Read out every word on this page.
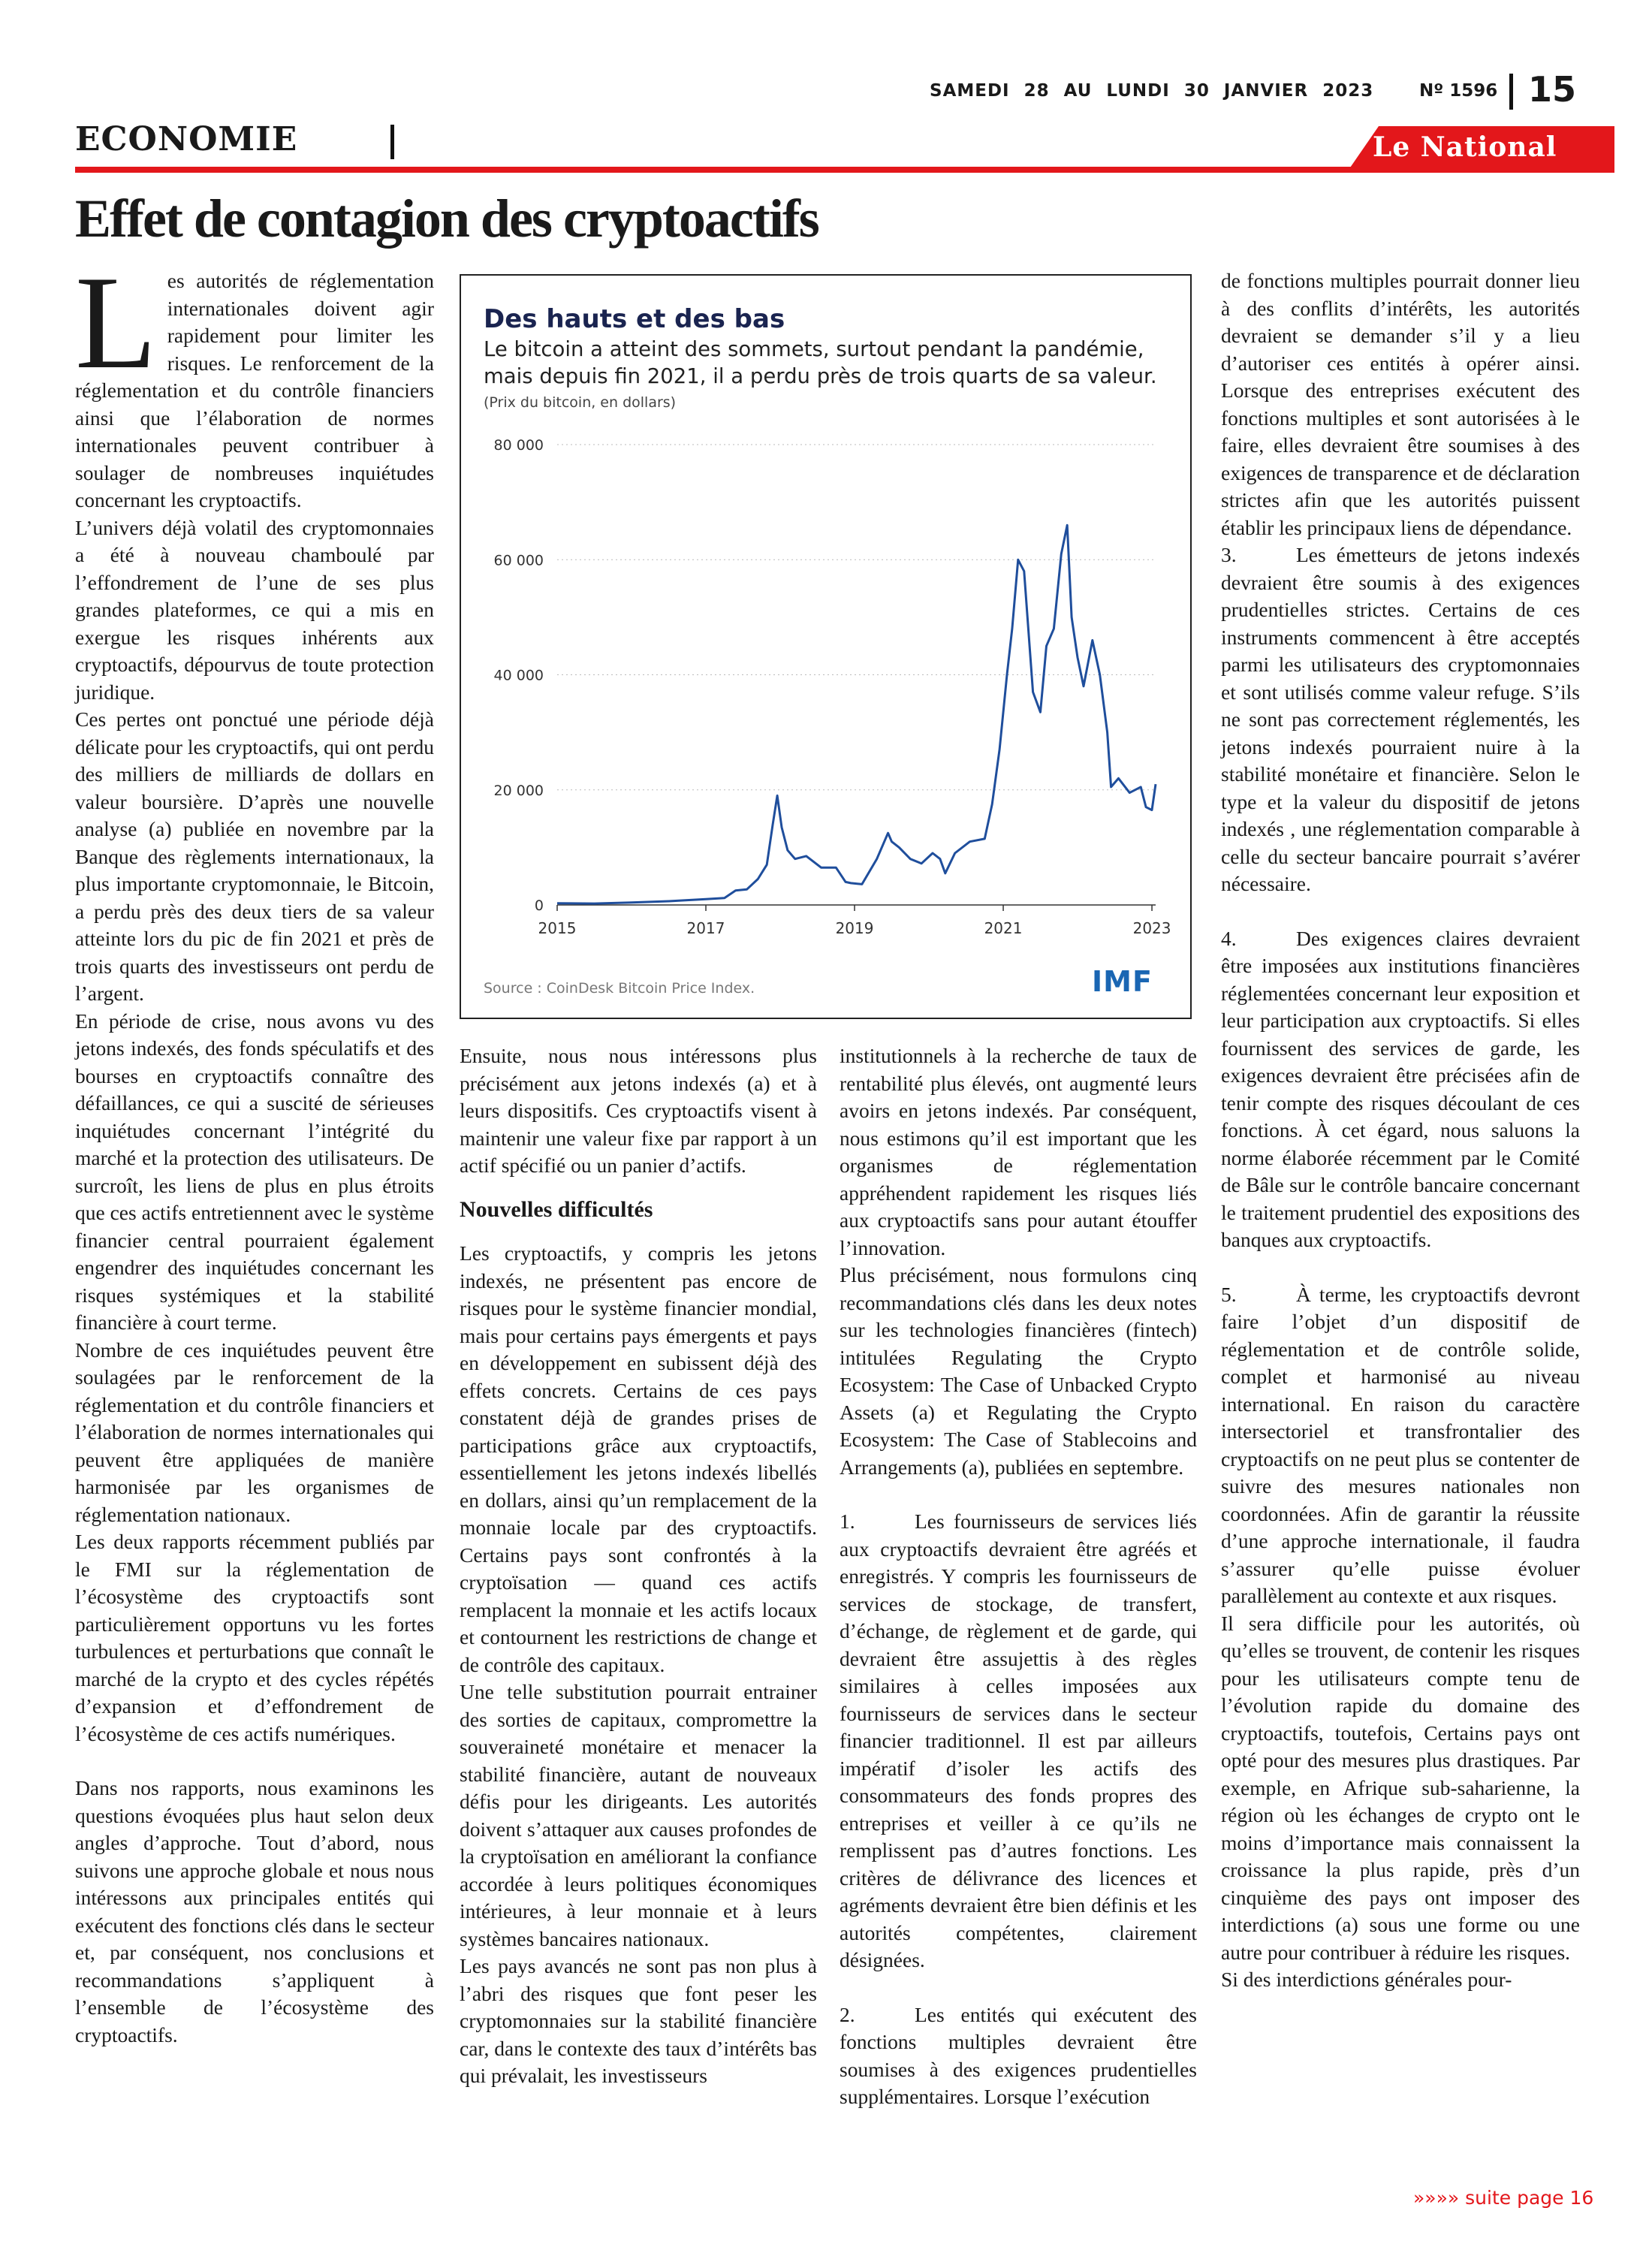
SAMEDI 28 AU LUNDI 30 JANVIER 2023	Nº 1596 15
ECONOMIE	Le National
Effet de contagion des cryptoactifs

Les autorités de réglementation internationales doivent agir rapidement pour limiter les risques. Le renforcement de la réglementation et du contrôle financiers ainsi que l’élaboration de normes internationales peuvent contribuer à soulager de nombreuses inquiétudes concernant les cryptoactifs.

L’univers déjà volatil des cryptomonnaies a été à nouveau chamboulé par l’effondrement de l’une de ses plus grandes plateformes, ce qui a mis en exergue les risques inhérents aux cryptoactifs, dépourvus de toute protection juridique.

Ces pertes ont ponctué une période déjà délicate pour les cryptoactifs, qui ont perdu des milliers de milliards de dollars en valeur boursière. D’après une nouvelle analyse (a) publiée en novembre par la Banque des règlements internationaux, la plus importante cryptomonnaie, le Bitcoin, a perdu près des deux tiers de sa valeur atteinte lors du pic de fin 2021 et près de trois quarts des investisseurs ont perdu de l’argent.

En période de crise, nous avons vu des jetons indexés, des fonds spéculatifs et des bourses en cryptoactifs connaître des défaillances, ce qui a suscité de sérieuses inquiétudes concernant l’intégrité du marché et la protection des utilisateurs. De surcroît, les liens de plus en plus étroits que ces actifs entretiennent avec le système financier central pourraient également engendrer des inquiétudes concernant les risques systémiques et la stabilité financière à court terme.

Nombre de ces inquiétudes peuvent être soulagées par le renforcement de la réglementation et du contrôle financiers et l’élaboration de normes internationales qui peuvent être appliquées de manière harmonisée par les organismes de réglementation nationaux.

Les deux rapports récemment publiés par le FMI sur la réglementation de l’écosystème des cryptoactifs sont particulièrement opportuns vu les fortes turbulences et perturbations que connaît le marché de la crypto et des cycles répétés d’expansion et d’effondrement de l’écosystème de ces actifs numériques.

Dans nos rapports, nous examinons les questions évoquées plus haut selon deux angles d’approche. Tout d’abord, nous suivons une approche globale et nous nous intéressons aux principales entités qui exécutent des fonctions clés dans le secteur et, par conséquent, nos conclusions et recommandations s’appliquent à l’ensemble de l’écosystème des cryptoactifs.

Des hauts et des bas
Le bitcoin a atteint des sommets, surtout pendant la pandémie,
mais depuis fin 2021, il a perdu près de trois quarts de sa valeur.
(Prix du bitcoin, en dollars)
0
20 000
40 000
60 000
80 000
2015	2017	2019	2021	2023
Source : CoinDesk Bitcoin Price Index.	IMF

Ensuite, nous nous intéressons plus précisément aux jetons indexés (a) et à leurs dispositifs. Ces cryptoactifs visent à maintenir une valeur fixe par rapport à un actif spécifié ou un panier d’actifs.

Nouvelles difficultés

Les cryptoactifs, y compris les jetons indexés, ne présentent pas encore de risques pour le système financier mondial, mais pour certains pays émergents et pays en développement en subissent déjà des effets concrets. Certains de ces pays constatent déjà de grandes prises de participations grâce aux cryptoactifs, essentiellement les jetons indexés libellés en dollars, ainsi qu’un remplacement de la monnaie locale par des cryptoactifs. Certains pays sont confrontés à la cryptoïsation — quand ces actifs remplacent la monnaie et les actifs locaux et contournent les restrictions de change et de contrôle des capitaux.

Une telle substitution pourrait entrainer des sorties de capitaux, compromettre la souveraineté monétaire et menacer la stabilité financière, autant de nouveaux défis pour les dirigeants. Les autorités doivent s’attaquer aux causes profondes de la cryptoïsation en améliorant la confiance accordée à leurs politiques économiques intérieures, à leur monnaie et à leurs systèmes bancaires nationaux.

Les pays avancés ne sont pas non plus à l’abri des risques que font peser les cryptomonnaies sur la stabilité financière car, dans le contexte des taux d’intérêts bas qui prévalait, les investisseurs

institutionnels à la recherche de taux de rentabilité plus élevés, ont augmenté leurs avoirs en jetons indexés. Par conséquent, nous estimons qu’il est important que les organismes de réglementation appréhendent rapidement les risques liés aux cryptoactifs sans pour autant étouffer l’innovation.

Plus précisément, nous formulons cinq recommandations clés dans les deux notes sur les technologies financières (fintech) intitulées Regulating the Crypto Ecosystem: The Case of Unbacked Crypto Assets (a) et Regulating the Crypto Ecosystem: The Case of Stablecoins and Arrangements (a), publiées en septembre.

1.	Les fournisseurs de services liés aux cryptoactifs devraient être agréés et enregistrés. Y compris les fournisseurs de services de stockage, de transfert, d’échange, de règlement et de garde, qui devraient être assujettis à des règles similaires à celles imposées aux fournisseurs de services dans le secteur financier traditionnel. Il est par ailleurs impératif d’isoler les actifs des consommateurs des fonds propres des entreprises et veiller à ce qu’ils ne remplissent pas d’autres fonctions. Les critères de délivrance des licences et agréments devraient être bien définis et les autorités compétentes, clairement désignées.

2.	Les entités qui exécutent des fonctions multiples devraient être soumises à des exigences prudentielles supplémentaires. Lorsque l’exécution

de fonctions multiples pourrait donner lieu à des conflits d’intérêts, les autorités devraient se demander s’il y a lieu d’autoriser ces entités à opérer ainsi. Lorsque des entreprises exécutent des fonctions multiples et sont autorisées à le faire, elles devraient être soumises à des exigences de transparence et de déclaration strictes afin que les autorités puissent établir les principaux liens de dépendance.

3.	Les émetteurs de jetons indexés devraient être soumis à des exigences prudentielles strictes. Certains de ces instruments commencent à être acceptés parmi les utilisateurs des cryptomonnaies et sont utilisés comme valeur refuge. S’ils ne sont pas correctement réglementés, les jetons indexés pourraient nuire à la stabilité monétaire et financière. Selon le type et la valeur du dispositif de jetons indexés , une réglementation comparable à celle du secteur bancaire pourrait s’avérer nécessaire.

4.	Des exigences claires devraient être imposées aux institutions financières réglementées concernant leur exposition et leur participation aux cryptoactifs. Si elles fournissent des services de garde, les exigences devraient être précisées afin de tenir compte des risques découlant de ces fonctions. À cet égard, nous saluons la norme élaborée récemment par le Comité de Bâle sur le contrôle bancaire concernant le traitement prudentiel des expositions des banques aux cryptoactifs.

5.	À terme, les cryptoactifs devront faire l’objet d’un dispositif de réglementation et de contrôle solide, complet et harmonisé au niveau international. En raison du caractère intersectoriel et transfrontalier des cryptoactifs on ne peut plus se contenter de suivre des mesures nationales non coordonnées. Afin de garantir la réussite d’une approche internationale, il faudra s’assurer qu’elle puisse évoluer parallèlement au contexte et aux risques.

Il sera difficile pour les autorités, où qu’elles se trouvent, de contenir les risques pour les utilisateurs compte tenu de l’évolution rapide du domaine des cryptoactifs, toutefois, Certains pays ont opté pour des mesures plus drastiques. Par exemple, en Afrique sub-saharienne, la région où les échanges de crypto ont le moins d’importance mais connaissent la croissance la plus rapide, près d’un cinquième des pays ont imposer des interdictions (a) sous une forme ou une autre pour contribuer à réduire les risques.

Si des interdictions générales pour-

»»»» suite page 16
